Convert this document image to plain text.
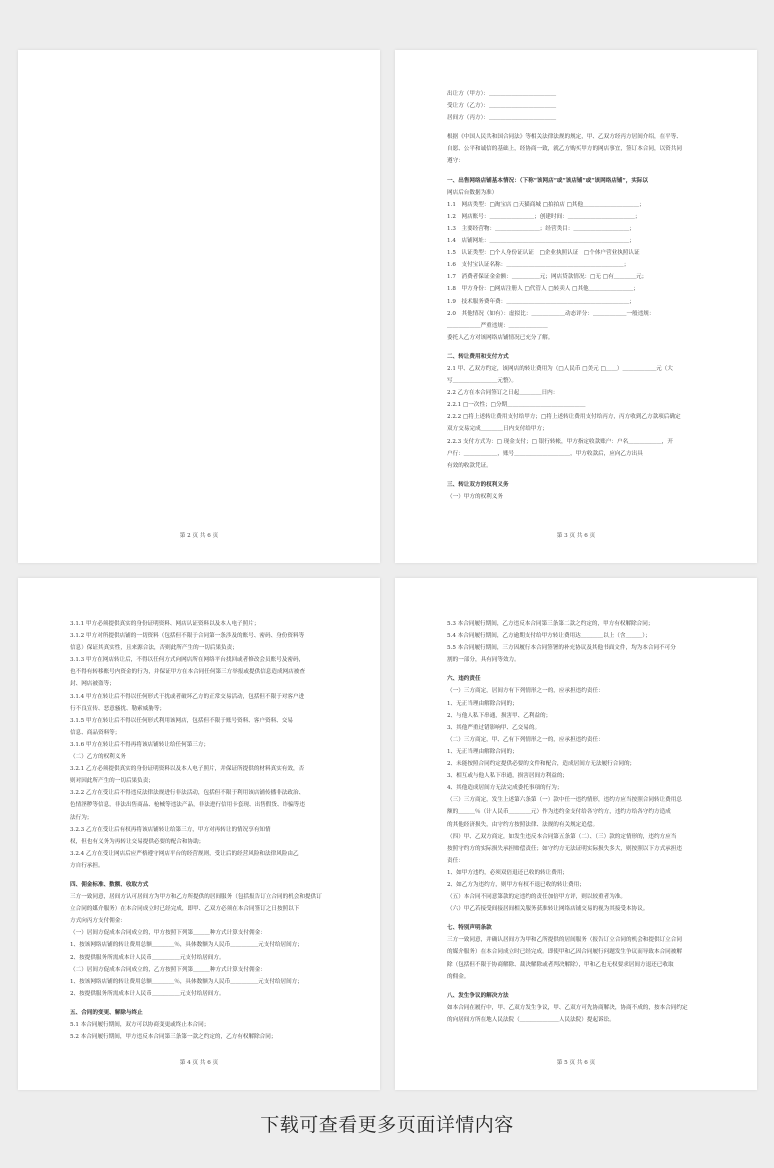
​
第 2 页 共 6 页
出让方（甲方）：＿＿＿＿＿＿＿＿＿＿＿＿
受让方（乙方）：＿＿＿＿＿＿＿＿＿＿＿＿
居间方（丙方）：＿＿＿＿＿＿＿＿＿＿＿＿
根据《中国人民共和国合同法》等相关法律法规的规定，甲、乙双方经丙方居间介绍，在平等、
自愿、公平和诚信的基础上，经协商一致，就乙方购买甲方的网店事宜，签订本合同，以资共同
遵守：
一、出售网络店铺基本情况：（下称“该网店”或“该店铺”或“该网络店铺”，实际以
网店后台数据为准）
1.1　网店类型：□淘宝店 □天猫商城 □拍拍店 □其他＿＿＿＿＿＿＿＿＿＿；
1.2　网店账号：＿＿＿＿＿＿＿＿；创建时间：＿＿＿＿＿＿＿＿＿＿＿＿；
1.3　主要经营物：＿＿＿＿＿＿＿＿；经营类目：＿＿＿＿＿＿＿＿＿＿；
1.4　店铺网址：＿＿＿＿＿＿＿＿＿＿＿＿＿＿＿＿＿＿＿＿＿＿＿＿＿；
1.5　认证类型：□个人身份证认证　□企业执照认证　□个体户营业执照认证
1.6　支付宝认证名称：＿＿＿＿＿＿＿＿＿＿＿＿＿＿＿＿＿＿＿＿＿；
1.7　消费者保证金金额：＿＿＿＿＿元；网店贷款情况：□无 □有＿＿＿＿元；
1.8　甲方身份：□网店注册人 □代管人 □转卖人 □其他＿＿＿＿＿＿＿＿；
1.9　技术服务费年费：＿＿＿＿＿＿＿＿＿＿＿＿＿＿＿＿＿＿＿＿＿＿；
2.0　其他情况（如有）：虚拟比：＿＿＿＿＿＿动态评分：＿＿＿＿＿＿一般违规：
＿＿＿＿＿＿严重违规：＿＿＿＿＿＿＿
委托人乙方对该网络店铺情况已充分了解。
二、转让费用和支付方式
2.1 甲、乙双方约定，该网店的转让费用为（□人民币 □美元 □＿＿）＿＿＿＿＿＿元（大
写＿＿＿＿＿＿＿＿元整）。
2.2 乙方在本合同签订之日起＿＿＿＿日内：
2.2.1 □一次性；□分期＿＿＿＿＿＿＿＿＿＿＿＿＿＿
2.2.2 □将上述转让费用支付给甲方；□将上述转让费用支付给丙方，丙方收到乙方款项后确定
双方交易完成＿＿＿＿日内支付给甲方；
2.2.3 支付方式为：□ 现金支付；□ 银行转帐，甲方指定收款账户：户名＿＿＿＿＿＿，开
户行：＿＿＿＿＿＿，账号＿＿＿＿＿＿＿＿＿＿，甲方收款后，应向乙方出具
有效的收款凭证。
三、转让双方的权利义务
（一）甲方的权利义务
第 3 页 共 6 页
3.1.1 甲方必须提供真实的身份证明资料、网店认证资料以及本人电子照片；
3.1.2 甲方对所提供店铺的一切资料（包括但不限于合同第一条涉及的账号、密码、身份资料等
信息）保证其真实性，且来源合法，否则此所产生的一切后果负责；
3.1.3 甲方在网店转让后，不得以任何方式向网店所在网络平台找回或者修改会员账号及密码，
也不得有转移账号内资金的行为，并保证甲方在本合同任何第三方举报或提供信息造成网店被查
封、网店被盗等；
3.1.4 甲方在转让后不得以任何形式干扰或者破坏乙方的正常交易活动，包括但不限于对客户进
行不良宣传、恶意骚扰、勒索威胁等；
3.1.5 甲方在转让后不得以任何形式利用该网店，包括但不限于账号资料、客户资料、交易
信息、商品资料等；
3.1.6 甲方在转让后不得再将该店铺转让给任何第三方；
（二）乙方的权利义务
3.2.1 乙方必须提供真实的身份证明资料以及本人电子照片，并保证所提供的材料真实有效，否
则对因此所产生的一切后果负责；
3.2.2 乙方在受让后不得违反法律法规进行非法活动，包括但不限于利用该店铺传播非法政治、
色情淫秽等信息，非法出售商品、枪械等违法产品，非法进行信用卡套现、出售假货、诈骗等违
法行为；
3.2.3 乙方在受让后有权再将该店铺转让给第三方，甲方对再转让的情况享有知情
权，但也有义务为再转让交易提供必要的配合和协助；
3.2.4 乙方在受让网店后应严格遵守网店平台的经营规则，受让后的经营风险和法律风险由乙
方自行承担。
四、佣金标准、数额、收取方式
三方一致同意，居间方认可居间方为甲方和乙方所提供的居间服务（包括报告订立合同的机会和提供订
立合同的媒介服务）在本合同成立时已经完成，即甲、乙双方必须在本合同签订之日按照以下
方式向丙方支付佣金：
（一）居间方促成本合同成立的，甲方按照下列第＿＿＿种方式计算支付佣金：
1、按该网络店铺的转让费用总额＿＿＿＿％，具体数额为人民币＿＿＿＿＿元支付给居间方；
2、按提供服务所需成本计人民币＿＿＿＿＿元支付给居间方。
（二）居间方促成本合同成立的，乙方按照下列第＿＿＿种方式计算支付佣金：
1、按该网络店铺的转让费用总额＿＿＿＿％，具体数额为人民币＿＿＿＿＿元支付给居间方；
2、按提供服务所需成本计人民币＿＿＿＿＿元支付给居间方。
五、合同的变更、解除与终止
5.1 本合同履行期间，双方可以协商变更或终止本合同；
5.2 本合同履行期间，甲方违反本合同第三条第一款之约定的，乙方有权解除合同；
第 4 页 共 6 页
5.3 本合同履行期间，乙方违反本合同第三条第二款之约定的，甲方有权解除合同；
5.4 本合同履行期间，乙方逾期支付给甲方转让费用达＿＿＿＿以上（含＿＿＿）；
5.5 本合同履行期间，三方因履行本合同签署的补充协议及其他书面文件，均为本合同不可分
割的一部分，具有同等效力。
六、违约责任
（一）三方商定，居间方有下列情形之一的，应承担违约责任：
1、无正当理由解除合同的；
2、与他人私下串通，损害甲、乙利益的；
3、其他严重过错影响甲、乙交易的。
（二）三方商定，甲、乙有下列情形之一的，应承担违约责任：
1、无正当理由解除合同的；
2、未能按照合同约定提供必要的文件和配合，造成居间方无法履行合同的；
3、相互或与他人私下串通，损害居间方利益的；
4、其他造成居间方无法完成委托事项的行为；
（三）三方商定，发生上述第六条第（一）款中任一违约情形，违约方应当按照合同转让费用总
额的＿＿＿％（计人民币＿＿＿＿元）作为违约金支付给各守约方，违约方给各守约方造成
的其他经济损失，由守约方按照法律、法规的有关规定追偿。
（四）甲、乙双方商定，如发生违反本合同第五条第（二）、（三）款的定情形的，违约方应当
按照守约方的实际损失承担赔偿责任；如守约方无法证明实际损失多大，则按照以下方式承担违
责任：
1、如甲方违约，必须双倍退还已收的转让费用；
2、如乙方为违约方，则甲方有权不退已收的转让费用；
（五）本合同不同意第款的定违约的责任加倍甲方评，则以较重者为准。
（六）甲乙若接受间接居间相关服务获准转让网络店铺交易的视为其接受本协议。
七、特别声明条款
三方一致同意，并确认居间方为甲和乙所提供的居间服务（报告订立合同的机会和提供订立合同
的媒介服务）在本合同成立时已经完成。即使甲和乙因合同履行问题发生争议而导致本合同被解
除（包括但不限于协商解除、裁决解除或者判决解除），甲和乙也无权要求居间方退还已收取
的佣金。
八、发生争议的解决方法
如本合同在履行中，甲、乙双方发生争议，甲、乙双方可先协商解决，协商不成的，按本合同约定
的向居间方所在地人民法院（＿＿＿＿＿＿＿人民法院）提起诉讼。
第 5 页 共 6 页
下载可查看更多页面详情内容
